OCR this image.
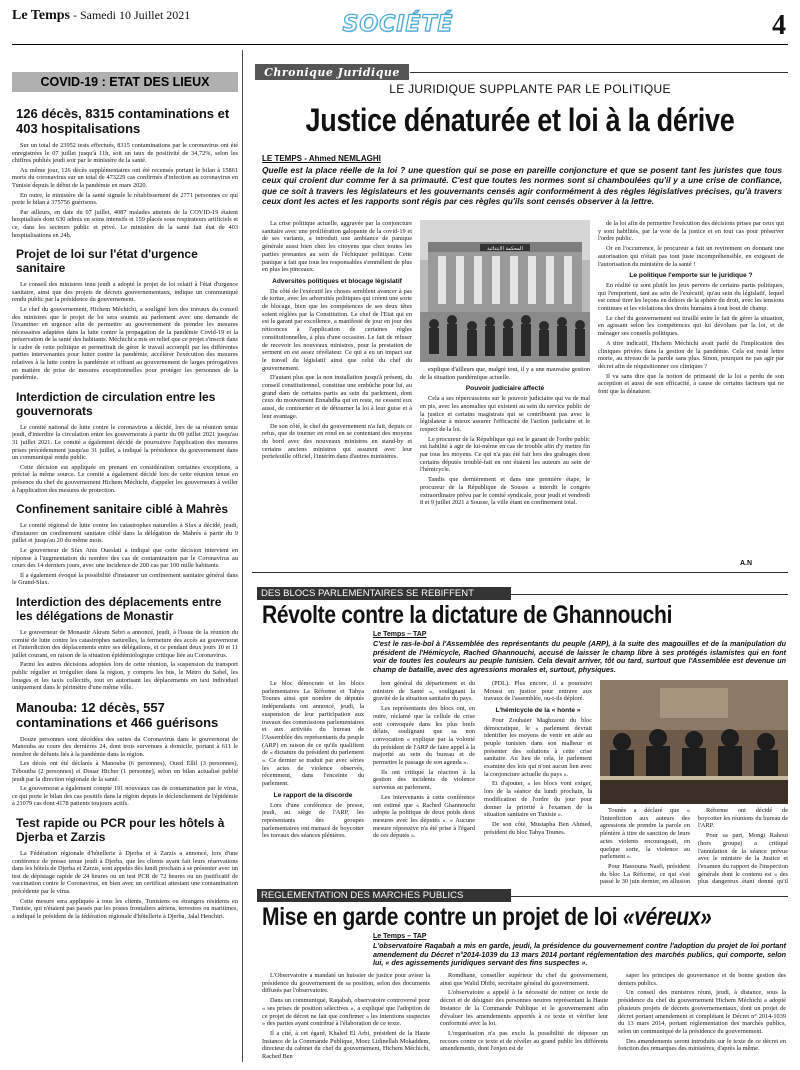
Le Temps - Samedi 10 Juillet 2021	SOCIÉTÉ	4
COVID-19 : ETAT DES LIEUX
126 décès, 8315 contaminations et 403 hospitalisations

Sur un total de 23952 tests effectués, 8315 contaminations par le coronavirus ont été enregistrées le 07 juillet jusqu'à 11h, soit un taux de positivité de 34,72%, selon les chiffres publiés jeudi soir par le ministère de la santé.

Au même jour, 126 décès supplémentaires ont été recensés portant le bilan à 15861 morts du coronavirus sur un total de 473229 cas confirmés d'infection au coronavirus en Tunisie depuis le début de la pandémie en mars 2020.

En outre, le ministère de la santé signale le rétablissement de 2771 personnes ce qui porte le bilan à 375756 guérisons.

Par ailleurs, en date du 07 juillet, 4087 malades atteints de la COVID-19 étaient hospitalisés dont 630 admis en soins intensifs et 159 placés sous respirateurs artificiels et ce, dans les secteurs public et privé. Le ministère de la santé fait état de 403 hospitalisations en 24h.

Projet de loi sur l'état d'urgence sanitaire

Le conseil des ministres tenu jeudi a adopté le projet de loi relatif à l'état d'urgence sanitaire, ainsi que des projets de décrets gouvernementaux, indique un communiqué rendu public par la présidence du gouvernement.

Le chef du gouvernement, Hichem Méchichi, a souligné lors des travaux du conseil des ministres que le projet de loi sera soumis au parlement avec une demande de l'examiner en urgence afin de permettre au gouvernement de prendre les mesures nécessaires adaptées dans la lutte contre la propagation de la pandémie Covid-19 et la préservation de la santé des habitants. Méchichi a mis en relief que ce projet s'inscrit dans le cadre de cette politique et permettrait de gérer le travail accompli par les différentes parties intervenantes pour lutter contre la pandémie, accélérer l'exécution des mesures relatives à la lutte contre la pandémie et offrant au gouvernement de larges prérogatives en matière de prise de mesures exceptionnelles pour protéger les personnes de la pandémie.

Interdiction de circulation entre les gouvernorats

Le comité national de lutte contre le coronavirus a décidé, lors de sa réunion tenue jeudi, d'interdire la circulation entre les gouvernorats à partir du 09 juillet 2021 jusqu'au 31 juillet 2021. Le comité a également décidé de poursuivre l'application des mesures prises précédemment jusqu'au 31 juillet, a indiqué la présidence du gouvernement dans un communiqué rendu public.

Cette décision est appliquée en prenant en considération certaines exceptions, a précisé la même source. Le comité a également décidé lors de cette réunion tenue en présence du chef du gouvernement Hichem Méchichi, d'appeler les gouverneurs à veiller à l'application des mesures de protection.

Confinement sanitaire ciblé à Mahrès

Le comité régional de lutte contre les catastrophes naturelles à Sfax a décidé, jeudi, d'instaurer un confinement sanitaire ciblé dans la délégation de Mahrès à partir du 9 juillet et jusqu'au 20 du même mois.

Le gouverneur de Sfax Anis Oueslati a indiqué que cette décision intervient en réponse à l'augmentation du nombre des cas de contamination par le Coronavirus au cours des 14 derniers jours, avec une incidence de 200 cas par 100 mille habitants.

Il a également évoqué la possibilité d'instaurer un confinement sanitaire général dans le Grand-Sfax.

Interdiction des déplacements entre les délégations de Monastir

Le gouverneur de Monastir Akram Sebri a annoncé, jeudi, à l'issue de la réunion du comité de lutte contre les catastrophes naturelles, la fermeture des accès au gouvernorat et l'interdiction des déplacements entre ses délégations, et ce pendant deux jours 10 et 11 juillet courant, en raison de la situation épidémiologique critique liée au Coronavirus.

Parmi les autres décisions adoptées lors de cette réunion, la suspension du transport public régulier et irrégulier dans la région, y compris les bus, le Métro du Sahel, les louages et les taxis collectifs, tout en autorisant les déplacements en taxi individuel uniquement dans le périmètre d'une même ville.

Manouba: 12 décès, 557 contaminations et 466 guérisons

Douze personnes sont décédées des suites du Coronavirus dans le gouvernorat de Manouba au cours des dernières 24, dont trois survenues à domicile, portant à 611 le nombre de défunts liés à la pandémie dans la région.

Les décès ont été déclarés à Manouba (6 personnes), Oued Ellil (3 personnes), Téboutba (2 personnes) et Douar Hicher (1 personne), selon un bilan actualisé publié jeudi par la direction régionale de la santé.

Le gouvernorat a également compté 191 nouveaux cas de contamination par le virus, ce qui porte le bilan des cas positifs dans la région depuis le déclenchement de l'épidémie à 21079 cas dont 4178 patients toujours actifs.

Test rapide ou PCR pour les hôtels à Djerba et Zarzis

La Fédération régionale d'hôtellerie à Djerba et à Zarzis a annoncé, lors d'une conférence de presse tenue jeudi à Djerba, que les clients ayant fait leurs réservations dans les hôtels de Djerba et Zarzis, sont appelés dès lundi prochain à se présenter avec un test de dépistage rapide de 24 heures ou un test PCR de 72 heures ou un justificatif de vaccination contre le Coronavirus, en bien avec un certificat attestant une contamination précédente par le virus.

Cette mesure sera appliquée à tous les clients, Tunisiens ou étrangers résidents en Tunisie, qui n'étaient pas passés par les postes frontaliers aériens, terrestres ou maritimes, a indiqué le président de la fédération régionale d'hôtellerie à Djerba, Jalal Henchiri.

Chronique Juridique
LE JURIDIQUE SUPPLANTE PAR LE POLITIQUE
Justice dénaturée et loi à la dérive
LE TEMPS - Ahmed NEMLAGHI
Quelle est la place réelle de la loi ? une question qui se pose en pareille conjoncture et que se posent tant les juristes que tous ceux qui croient dur comme fer à sa primauté. C'est que toutes les normes sont si chamboulées qu'il y a une crise de confiance, que ce soit à travers les législateurs et les gouvernants censés agir conformément à des règles législatives précises, qu'à travers ceux dont les actes et les rapports sont régis par ces règles qu'ils sont censés observer à la lettre.

La crise politique actuelle, aggravée par la conjoncture sanitaire avec une prolifération galopante de la covid-19 et de ses variants, a introduit une ambiance de panique générale aussi bien chez les citoyens que chez toutes les parties prenantes au sein de l'échiquier politique. Cette panique a fait que tous les responsables s'emmêlent de plus en plus les pinceaux.

Adversités politiques et blocage législatif

Du côté de l'exécutif les choses semblent avancer à pas de tortue, avec les adversités politiques qui créent une sorte de blocage, bien que les compétences de ses deux têtes soient réglées par la Constitution. Le chef de l'Etat qui en est le garant par excellence, a manifesté de jour en jour des réticences à l'application de certaines règles constitutionnelles, à plus d'une occasion. Le fait de refuser de recevoir les nouveaux ministres, pour la prestation de serment en est assez révélateur. Ce qui a eu un impact sur le travail du législatif ainsi que celui du chef du gouvernement.

D'autant plus que la non installation jusqu'à présent, du conseil constitutionnel, constitue une embûche pour lui, au grand dam de certains partis au sein du parlement, dont ceux du mouvement Ennahdha qui en reste, ne cessent eux aussi, de contourner et de détourner la loi à leur guise et à leur avantage.

De son côté, le chef du gouvernement n'a fait, depuis ce refus, que de tourner en rond en se contentant des moyens du bord avec des nouveaux ministres en stand-by et certains anciens ministres qui assurent avec leur portefeuille officiel, l'intérim dans d'autres ministères.

المحكمة الابتدائية

explique d'ailleurs que, malgré tout, il y a une mauvaise gestion de la situation pandémique actuelle.

Pouvoir judiciaire affecté

Cela a ses répercussions sur le pouvoir judiciaire qui va de mal en pis, avec les anomalies qui existent au sein du service public de la justice et certains magistrats qui se contribuent pas avec le législateur à mieux assurer l'efficacité de l'action judiciaire et le respect de la loi.

Le procureur de la République qui est le garant de l'ordre public est habilité à agir de lui-même en cas de trouble afin d'y mettre fin par tous les moyens. Ce qui n'a pas été fait lors des grabuges dont certains députés troublé-fait en ont étaient les auteurs au sein de l'hémicycle.

Tandis que dernièrement et dans une première étape, le procureur de la République de Sousse a interdit le congrès extraordinaire prévu par le comité syndicale, pour jeudi et vendredi 8 et 9 juillet 2021 à Sousse, la ville étant en confinement total.

de la loi afin de permettre l'exécution des décisions prises par ceux qui y sont habilités, par la voie de la justice et en tout cas pour préserver l'ordre public.

Or en l'occurrence, le procureur a fait un revirement en donnant une autorisation qui n'était pas tout juste incompréhensible, en exigeant de l'autorisation du ministère de la santé !

Le politique l'emporte sur le juridique ?

En réalité ce sont plutôt les jeux pervers de certains partis politiques, qui l'emportent, tant au sein de l'exécutif, qu'au sein du législatif, lequel est censé tirer les leçons en dehors de la sphère du droit, avec les tensions continues et les violations des droits humains à tout bout de champ.

Le chef du gouvernement est tiraillé entre le fait de gérer la situation, en agissant selon les compétences qui lui dévolues par la loi, et de ménager ses conseils politiques.

A titre indicatif, Hichem Méchichi avait parlé de l'implication des cliniques privées dans la gestion de la pandémie. Cela est resté lettre morte, au niveau de la parole sans plus. Sinon, pourquoi ne pas agir par décret afin de réquisitionner ces cliniques ?

Il va sans dire que la notion de primauté de la loi a perdu de son acception et aussi de son efficacité, à cause de certains facteurs qui ne font que la dénaturer.

A.N
DES BLOCS PARLEMENTAIRES SE REBIFFENT
Révolte contre la dictature de Ghannouchi
Le Temps – TAP
C'est le ras-le-bol à l'Assemblée des représentants du peuple (ARP), à la suite des magouilles et de la manipulation du président de l'Hémicycle, Rached Ghannouchi, accusé de laisser le champ libre à ses protégés islamistes qui en font voir de toutes les couleurs au peuple tunisien. Cela devait arriver, tôt ou tard, surtout que l'Assemblée est devenue un champ de bataille, avec des agressions morales et, surtout, physiques.

Le bloc démocrate et les blocs parlementaires La Réforme et Tahya Tounes ainsi que nombre de députés indépendants ont annoncé, jeudi, la suspension de leur participation aux travaux des commissions parlementaires et aux activités du bureau de l'Assemblée des représentants du peuple (ARP) en raison de ce qu'ils qualifient de « dictature du président du parlement ». Ce dernier se traduit par avec séries les actes de violence observés, récemment, dans l'enceinte du parlement.

Le rapport de la discorde

Lors d'une conférence de presse, jeudi, au siège de l'ARP, les représentants des groupes parlementaires ont menacé de boycotter les travaux des séances plénières.

bon général du département et du ministre de Santé », soulignant la gravité de la situation sanitaire du pays.

Les représentants des blocs ont, en outre, réclamé que la cellule de crise soit convoquée dans les plus brefs délais, soulignant que sa non convocation « explique par la volonté du président de l'ARP de faire appel à la majorité au sein du bureau et de permettre le passage de son agenda ».

Ils ont critiqué la réaction à la gestion des incidents de violence survenus au parlement.

Les intervenants à cette conférence ont estimé que « Rached Ghannouchi adopte la politique de deux poids deux mesures avec les députés ». « Aucune mesure répressive n'a été prise à l'égard de ces députés ».

(PDL). Plus encore, il a poursuivi Moussi en justice pour entrave aux travaux de l'assemblée, ou-t-ils déploré.

L'hémicycle de la « honte »

Pour Zouhaier Maghzaoui du bloc démocratique, le « parlement devrait identifier les moyens de venir en aide au peuple tunisien dans son malheur et présenter des solutions à cette crise sanitaire. Au lieu de cela, le parlement examine des lois qui n'ont aucun lien avec la conjoncture actuelle du pays ».

Et d'ajouter, « les blocs vont exiger, lors de la séance du lundi prochain, la modification de l'ordre du jour pour donner la priorité à l'examen de la situation sanitaire en Tunisie ».

De son côté, Mustapha Ben Ahmed, président du bloc Tahya Tounes.

Tounès a déclaré que « l'interdiction aux auteurs des agressions de prendre la parole en plénière à titre de sanction de leurs actes violents encourageait, en quelque sorte, la violence au parlement ».

Pour Hassouna Nasfi, président du bloc La Réforme, ce qui s'est passé le 30 juin dernier, en allusion

Réforme ont décidé de boycotter les réunions du bureau de l'ARP.

Pour sa part, Mongi Rahoui (hors groupe) a critiqué l'annulation de la séance prévue avec le ministre de la Justice et l'examen du rapport de l'inspection générale dont le contenu est « des plus dangereux étant donné qu'il

REGLEMENTATION DES MARCHES PUBLICS
Mise en garde contre un projet de loi «véreux»
Le Temps – TAP
L'observatoire Raqabah a mis en garde, jeudi, la présidence du gouvernement contre l'adoption du projet de loi portant amendement du Décret n°2014-1039 du 13 mars 2014 portant réglementation des marchés publics, qui comporte, selon lui, « des agissements juridiques servant des fins suspectes ».

L'Observatoire a mandaté un huissier de justice pour aviser la présidence du gouvernement de sa position, selon des documents diffusés par l'observatoire.

Dans un communiqué, Raqabah, observatoire controversé pour « ses prises de position sélectives », a expliqué que l'adoption de ce projet de décret ne fait que confirmer « les intentions suspectes » des parties ayant contribué à l'élaboration de ce texte.

Il a cité, à cet égard, Khaled El Arbi, président de la Haute Instance de la Commande Publique, Moez Lidinellah Mokaddem, directeur du cabinet du chef du gouvernement, Hichem Méchichi, Rached Ben

Romdhane, conseiller supérieur du chef du gouvernement, ainsi que Walid Dhibi, secrétaire général du gouvernement.

L'observatoire a appelé à la nécessité de retirer ce texte de décret et de désigner des personnes neutres représentant la Haute Instance de la Commande Publique et le gouvernement afin d'évaluer les amendements apportés à ce texte et vérifier leur conformité avec la loi.

L'organisation n'a pas exclu la possibilité de déposer un recours contre ce texte et de révéler au grand public les différents amendements, dont l'enjeu est de

saper les principes de gouvernance et de bonne gestion des deniers publics.

Un conseil des ministres réuni, jeudi, à distance, sous la présidence du chef du gouvernement Hichem Méchichi a adopté plusieurs projets de décrets gouvernementaux, dont un projet de décret portant amendement et complétant le Décret n° 2014-1039 du 13 mars 2014, portant réglementation des marchés publics, selon un communiqué de la présidence du gouvernement.

Des amendements seront introduits sur le texte de ce décret en fonction des remarques des ministères, d'après la même.
